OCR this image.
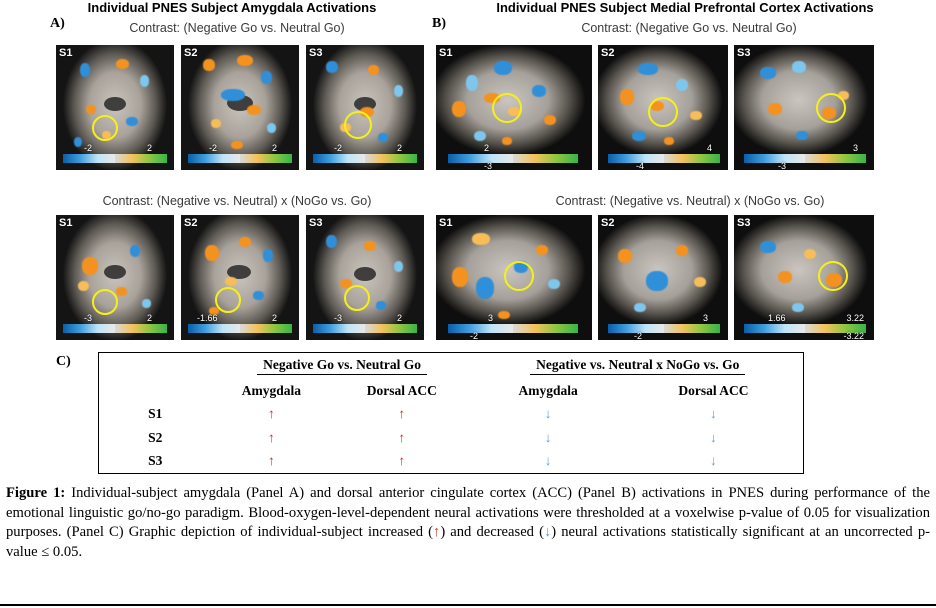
A)
Individual PNES Subject Amygdala Activations
Contrast: (Negative Go vs. Neutral Go)
S1
-2	2
S2
-2	2
S3
-2	2
Contrast: (Negative vs. Neutral) x (NoGo vs. Go)
S1
-3	2
S2
-1.66	2
S3
-3	2
B)
Individual PNES Subject Medial Prefrontal Cortex Activations
Contrast: (Negative Go vs. Neutral Go)
S1
2
-3
S2
4
-4
S3
3
-3
Contrast: (Negative vs. Neutral) x (NoGo vs. Go)
S1
3
-2
S2
3
-2
S3
1.66	3.22
-3.22
C)
		Negative Go vs. Neutral Go		Negative vs. Neutral x NoGo vs. Go	
	Amygdala	Dorsal ACC	Amygdala	Dorsal ACC
S1	↑	↑	↓	↓
S2	↑	↑	↓	↓
S3	↑	↑	↓	↓
Figure 1: Individual-subject amygdala (Panel A) and dorsal anterior cingulate cortex (ACC) (Panel B) activations in PNES during performance of the emotional linguistic go/no-go paradigm. Blood-oxygen-level-dependent neural activations were thresholded at a voxelwise p-value of 0.05 for visualization purposes. (Panel C) Graphic depiction of individual-subject increased (↑) and decreased (↓) neural activations statistically significant at an uncorrected p-value ≤ 0.05.
